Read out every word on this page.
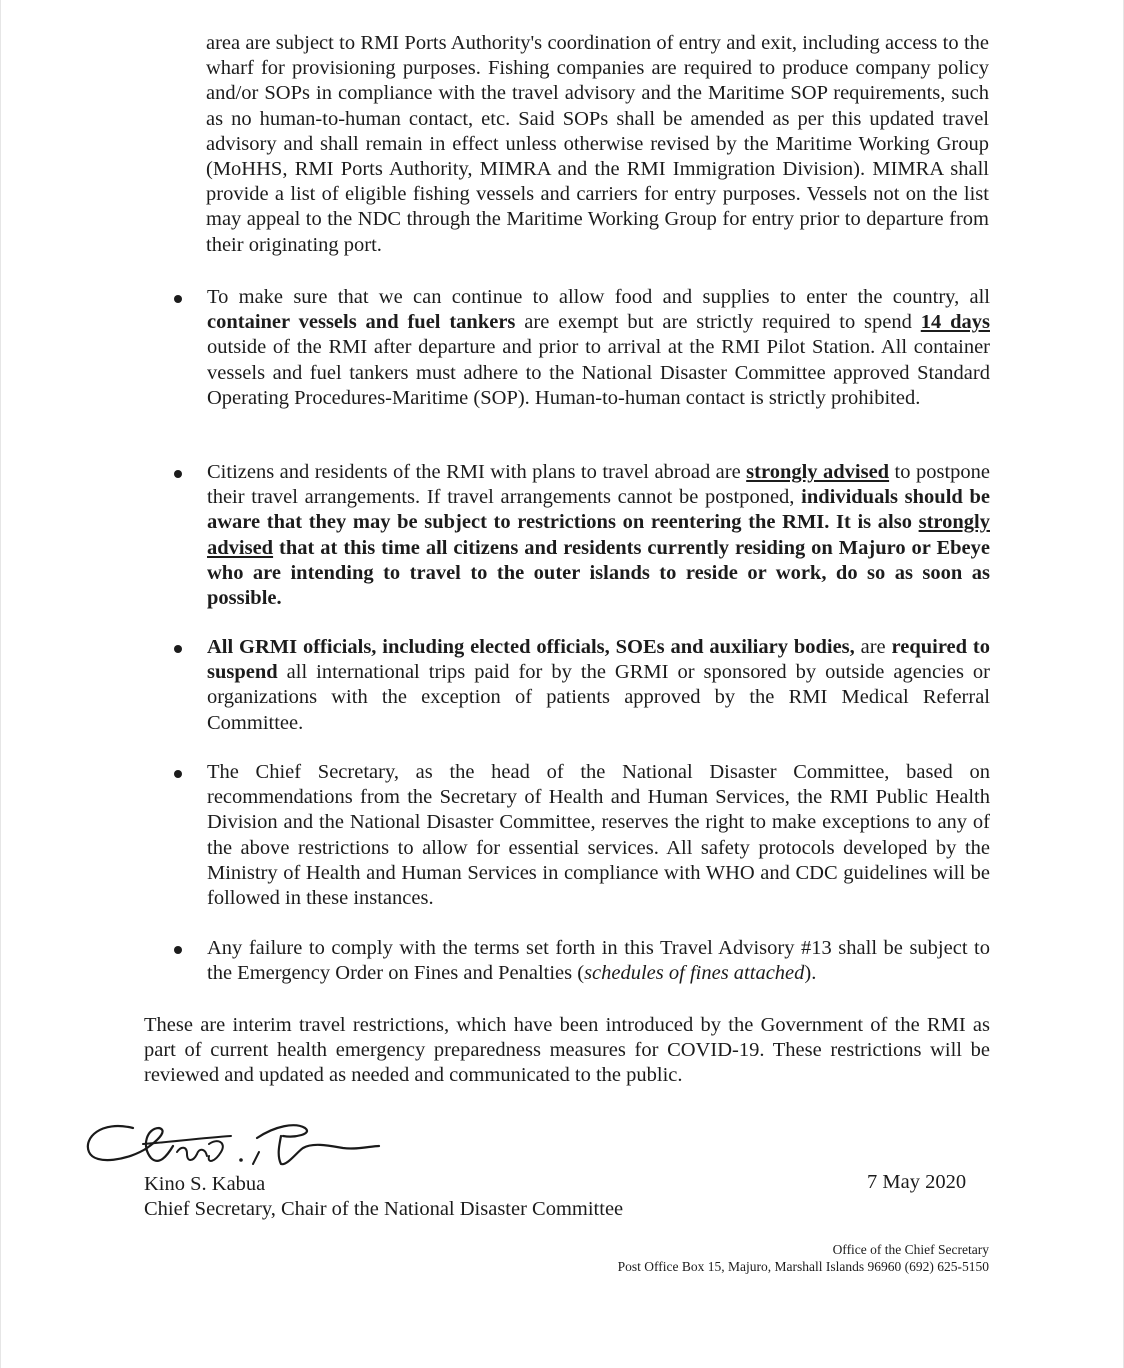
area are subject to RMI Ports Authority's coordination of entry and exit, including access to the wharf for provisioning purposes. Fishing companies are required to produce company policy and/or SOPs in compliance with the travel advisory and the Maritime SOP requirements, such as no human-to-human contact, etc. Said SOPs shall be amended as per this updated travel advisory and shall remain in effect unless otherwise revised by the Maritime Working Group (MoHHS, RMI Ports Authority, MIMRA and the RMI Immigration Division). MIMRA shall provide a list of eligible fishing vessels and carriers for entry purposes. Vessels not on the list may appeal to the NDC through the Maritime Working Group for entry prior to departure from their originating port.

To make sure that we can continue to allow food and supplies to enter the country, all container vessels and fuel tankers are exempt but are strictly required to spend 14 days outside of the RMI after departure and prior to arrival at the RMI Pilot Station. All container vessels and fuel tankers must adhere to the National Disaster Committee approved Standard Operating Procedures-Maritime (SOP). Human-to-human contact is strictly prohibited.

Citizens and residents of the RMI with plans to travel abroad are strongly advised to postpone their travel arrangements. If travel arrangements cannot be postponed, individuals should be aware that they may be subject to restrictions on reentering the RMI. It is also strongly advised that at this time all citizens and residents currently residing on Majuro or Ebeye who are intending to travel to the outer islands to reside or work, do so as soon as possible.

All GRMI officials, including elected officials, SOEs and auxiliary bodies, are required to suspend all international trips paid for by the GRMI or sponsored by outside agencies or organizations with the exception of patients approved by the RMI Medical Referral Committee.

The Chief Secretary, as the head of the National Disaster Committee, based on recommendations from the Secretary of Health and Human Services, the RMI Public Health Division and the National Disaster Committee, reserves the right to make exceptions to any of the above restrictions to allow for essential services. All safety protocols developed by the Ministry of Health and Human Services in compliance with WHO and CDC guidelines will be followed in these instances.

Any failure to comply with the terms set forth in this Travel Advisory #13 shall be subject to the Emergency Order on Fines and Penalties (schedules of fines attached).

These are interim travel restrictions, which have been introduced by the Government of the RMI as part of current health emergency preparedness measures for COVID-19. These restrictions will be reviewed and updated as needed and communicated to the public.

Kino S. Kabua
Chief Secretary, Chair of the National Disaster Committee
7 May 2020
Office of the Chief Secretary
Post Office Box 15, Majuro, Marshall Islands 96960 (692) 625-5150
